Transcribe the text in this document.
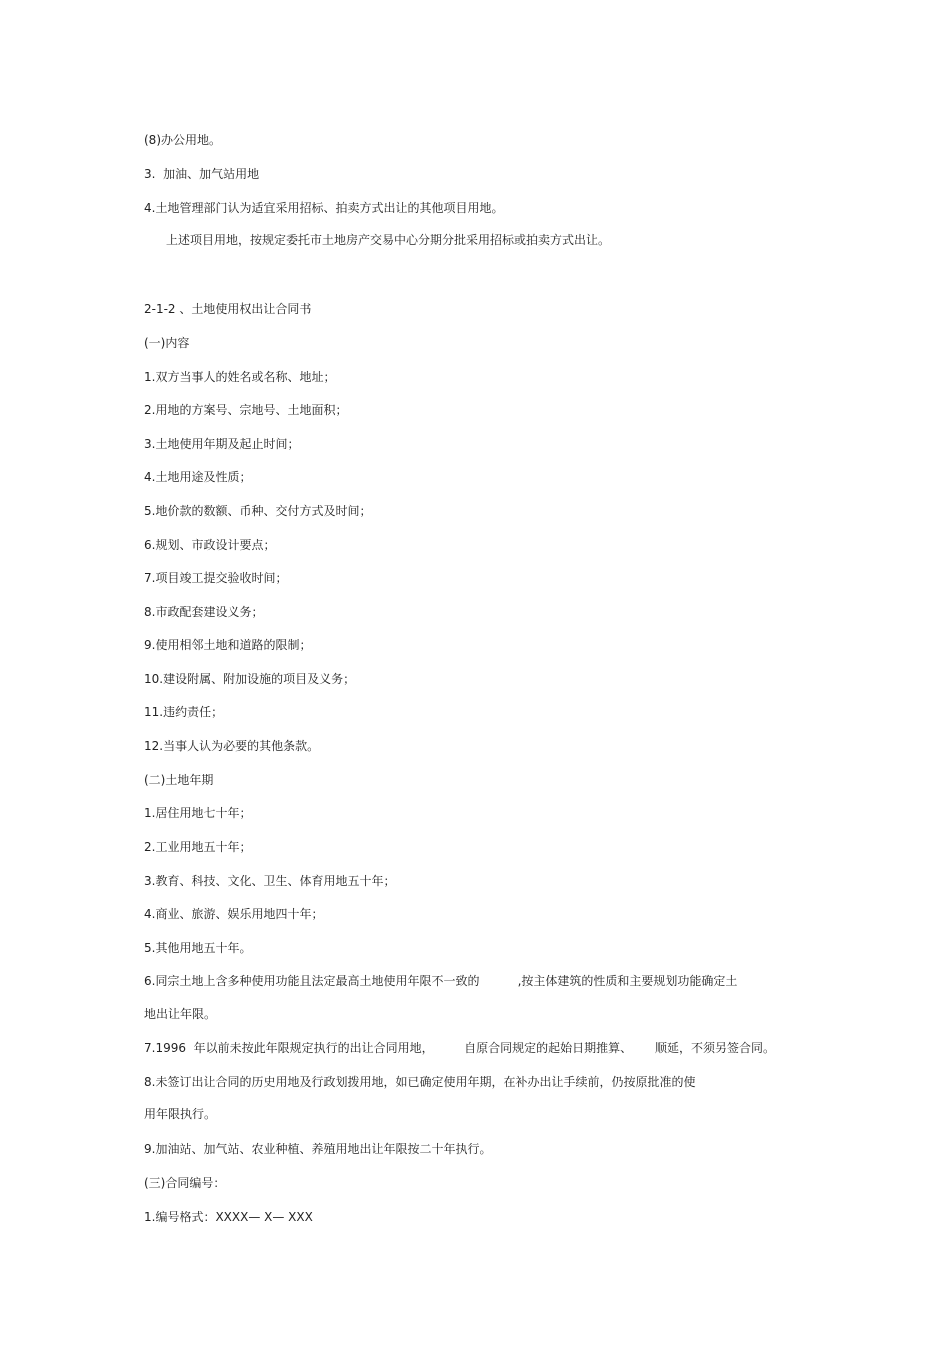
(8)办公用地。
3.  加油、加气站用地
4.土地管理部门认为适宜采用招标、拍卖方式出让的其他项目用地。
上述项目用地，按规定委托市土地房产交易中心分期分批采用招标或拍卖方式出让。
2-1-2 、土地使用权出让合同书
(一)内容
1.双方当事人的姓名或名称、地址；
2.用地的方案号、宗地号、土地面积；
3.土地使用年期及起止时间；
4.土地用途及性质；
5.地价款的数额、币种、交付方式及时间；
6.规划、市政设计要点；
7.项目竣工提交验收时间；
8.市政配套建设义务；
9.使用相邻土地和道路的限制；
10.建设附属、附加设施的项目及义务；
11.违约责任；
12.当事人认为必要的其他条款。
(二)土地年期
1.居住用地七十年；
2.工业用地五十年；
3.教育、科技、文化、卫生、体育用地五十年；
4.商业、旅游、娱乐用地四十年；
5.其他用地五十年。
6.同宗土地上含多种使用功能且法定最高土地使用年限不一致的          ,按主体建筑的性质和主要规划功能确定土
地出让年限。
7.1996  年以前未按此年限规定执行的出让合同用地，        自原合同规定的起始日期推算、      顺延，不须另签合同。
8.未签订出让合同的历史用地及行政划拨用地，如已确定使用年期，在补办出让手续前，仍按原批准的使
用年限执行。
9.加油站、加气站、农业种植、养殖用地出让年限按二十年执行。
(三)合同编号：
1.编号格式：XXXX— X— XXX
